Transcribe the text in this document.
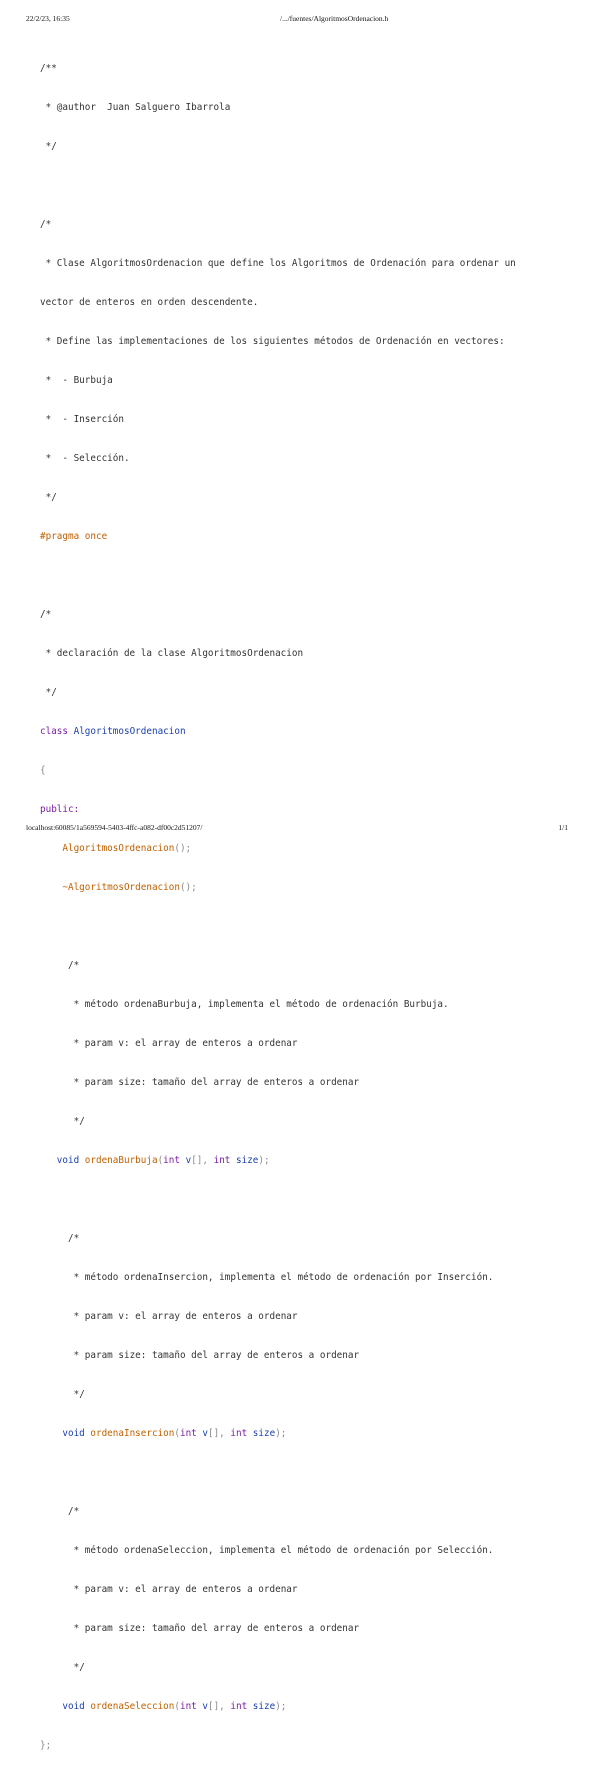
22/2/23, 16:35	/.../fuentes/AlgoritmosOrdenacion.h

/**

* @author  Juan Salguero Ibarrola

*/

/*

* Clase AlgoritmosOrdenacion que define los Algoritmos de Ordenación para ordenar un

vector de enteros en orden descendente.

* Define las implementaciones de los siguientes métodos de Ordenación en vectores:

*  - Burbuja

*  - Inserción

*  - Selección.

*/

#pragma once

/*

* declaración de la clase AlgoritmosOrdenacion

*/

class AlgoritmosOrdenacion

{

public:

AlgoritmosOrdenacion();

~AlgoritmosOrdenacion();

/*

* método ordenaBurbuja, implementa el método de ordenación Burbuja.

* param v: el array de enteros a ordenar

* param size: tamaño del array de enteros a ordenar

*/

void ordenaBurbuja(int v[], int size);

/*

* método ordenaInsercion, implementa el método de ordenación por Inserción.

* param v: el array de enteros a ordenar

* param size: tamaño del array de enteros a ordenar

*/

void ordenaInsercion(int v[], int size);

/*

* método ordenaSeleccion, implementa el método de ordenación por Selección.

* param v: el array de enteros a ordenar

* param size: tamaño del array de enteros a ordenar

*/

void ordenaSeleccion(int v[], int size);

};

localhost:60085/1a569594-5403-4ffc-a082-df00c2d51207/	1/1
